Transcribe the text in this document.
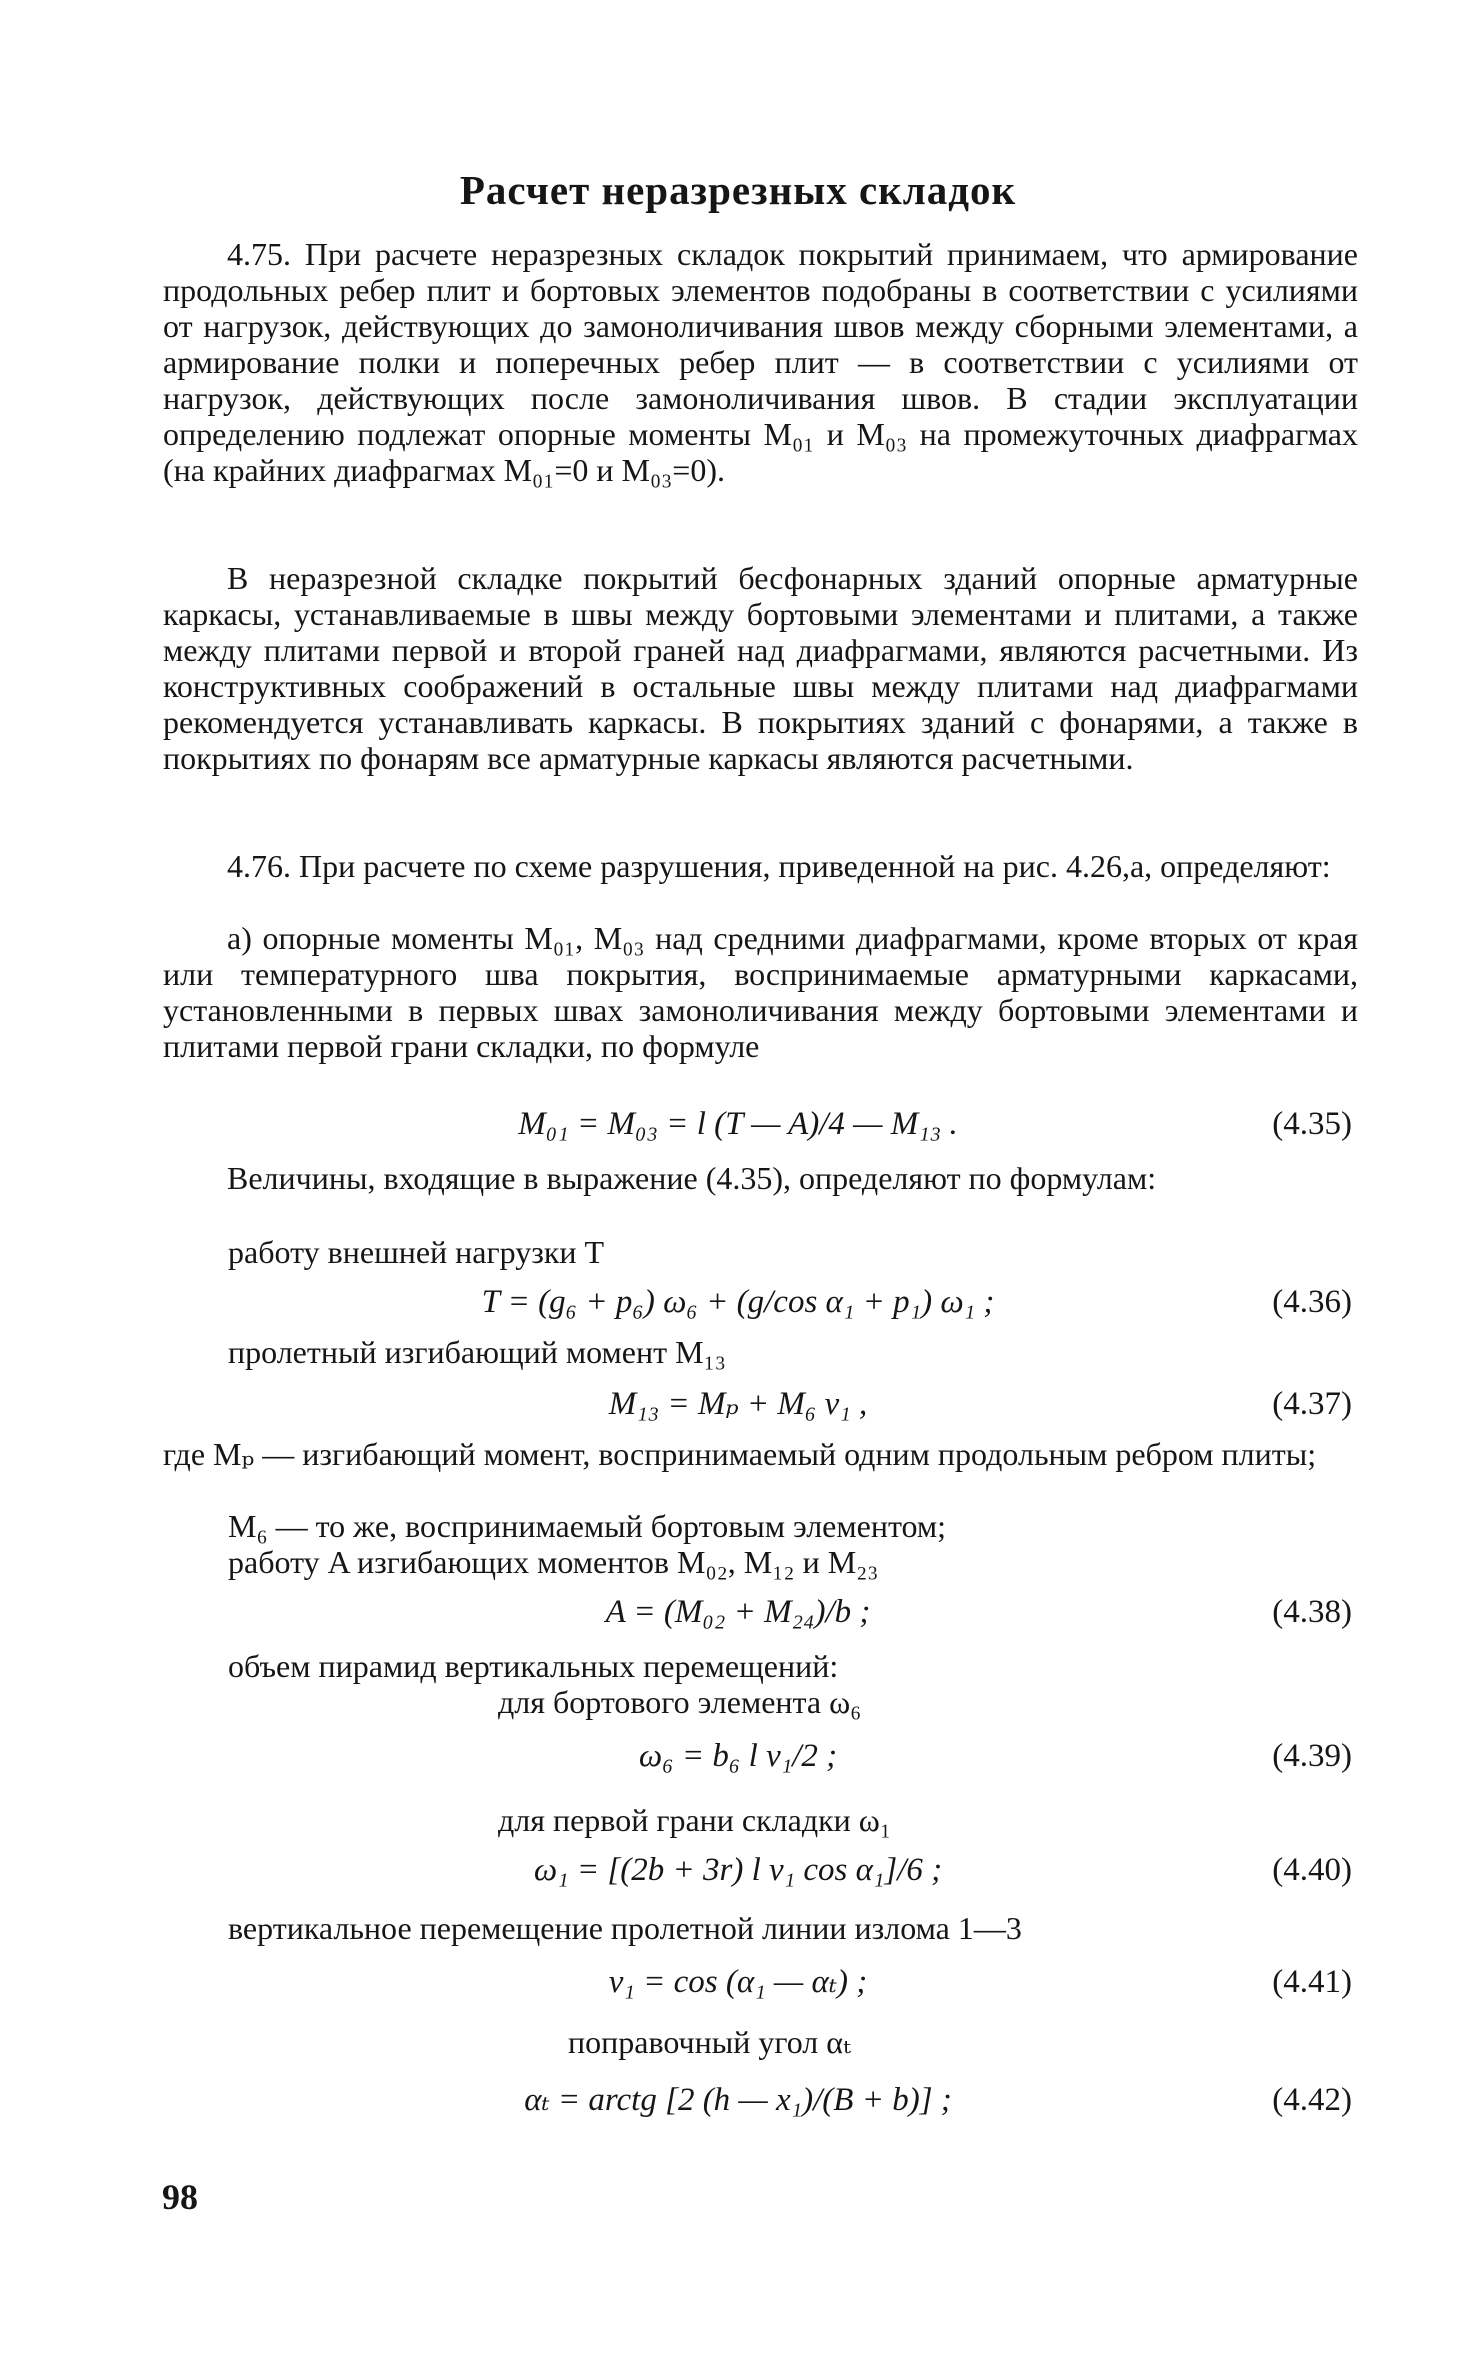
Расчет неразрезных складок
4.75. При расчете неразрезных складок покрытий принимаем, что армирование продольных ребер плит и бортовых элементов подобраны в соответствии с усилиями от нагрузок, действующих до замоноличивания швов между сборными элементами, а армирование полки и поперечных ребер плит — в соответствии с усилиями от нагрузок, действующих после замоноличивания швов. В стадии эксплуатации определению подлежат опорные моменты M₀₁ и M₀₃ на промежуточных диафрагмах (на крайних диафрагмах M₀₁=0 и M₀₃=0).
В неразрезной складке покрытий бесфонарных зданий опорные арматурные каркасы, устанавливаемые в швы между бортовыми элементами и плитами, а также между плитами первой и второй граней над диафрагмами, являются расчетными. Из конструктивных соображений в остальные швы между плитами над диафрагмами рекомендуется устанавливать каркасы. В покрытиях зданий с фонарями, а также в покрытиях по фонарям все арматурные каркасы являются расчетными.
4.76. При расчете по схеме разрушения, приведенной на рис. 4.26,а, определяют:
а) опорные моменты M₀₁, M₀₃ над средними диафрагмами, кроме вторых от края или температурного шва покрытия, воспринимаемые арматурными каркасами, установленными в первых швах замоноличивания между бортовыми элементами и плитами первой грани складки, по формуле
M₀₁ = M₀₃ = l (T — A)/4 — M₁₃ .	(4.35)
Величины, входящие в выражение (4.35), определяют по формулам:
работу внешней нагрузки T
T = (g₆ + p₆) ω₆ + (g/cos α₁ + p₁) ω₁ ;	(4.36)
пролетный изгибающий момент M₁₃
M₁₃ = Mₚ + M₆ v₁ ,	(4.37)
где Mₚ — изгибающий момент, воспринимаемый одним продольным ребром плиты;
M₆ — то же, воспринимаемый бортовым элементом;
работу A изгибающих моментов M₀₂, M₁₂ и M₂₃
A = (M₀₂ + M₂₄)/b ;	(4.38)
объем пирамид вертикальных перемещений:
для бортового элемента ω₆
ω₆ = b₆ l v₁/2 ;	(4.39)
для первой грани складки ω₁
ω₁ = [(2b + 3r) l v₁ cos α₁]/6 ;	(4.40)
вертикальное перемещение пролетной линии излома 1—3
v₁ = cos (α₁ — αₜ) ;	(4.41)
поправочный угол αₜ
αₜ = arctg [2 (h — x₁)/(B + b)] ;	(4.42)
98
